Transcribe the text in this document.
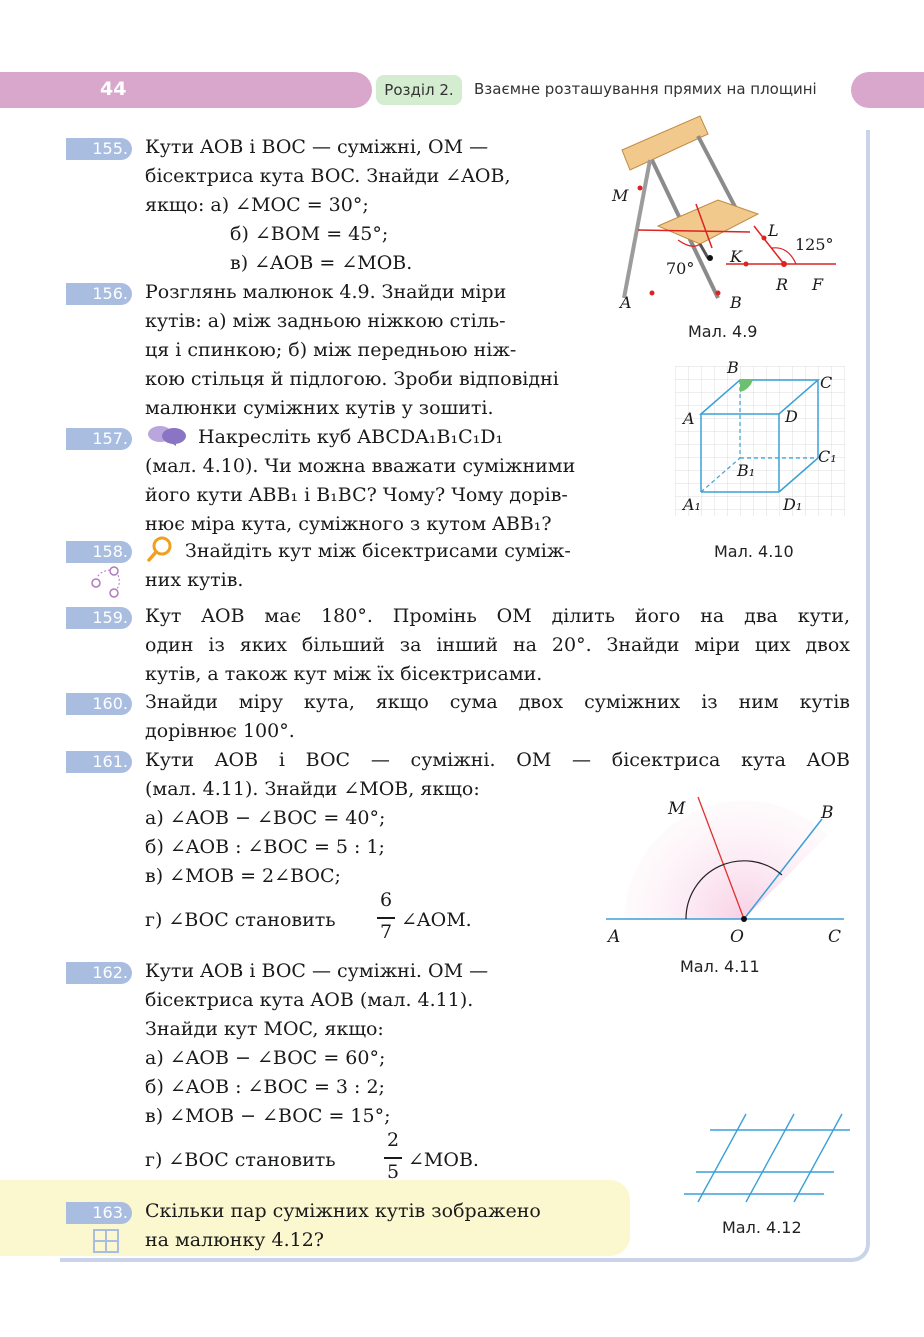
44	Розділ 2.	Взаємне розташування прямих на площині
155. Кути AOB і BOC — суміжні, OM —
бісектриса кута BOC. Знайди ∠AOB,
якщо: а) ∠MOC = 30°;
б) ∠BOM = 45°;
в) ∠AOB = ∠MOB.
156. Розглянь малюнок 4.9. Знайди міри
кутів: а) між задньою ніжкою стіль-
ця і спинкою; б) між передньою ніж-
кою стільця й підлогою. Зроби відповідні
малюнки суміжних кутів у зошиті.
157.	Накресліть куб ABCDA₁B₁C₁D₁
(мал. 4.10). Чи можна вважати суміжними
його кути ABB₁ і B₁BC? Чому? Чому дорів-
нює міра кута, суміжного з кутом ABB₁?
158.	Знайдіть кут між бісектрисами суміж-
них кутів.
159. Кут AOB має 180°. Промінь OM ділить його на два кути,
один із яких більший за інший на 20°. Знайди міри цих двох
кутів, а також кут між їх бісектрисами.
160. Знайди міру кута, якщо сума двох суміжних із ним кутів
дорівнює 100°.
161. Кути AOB і BOC — суміжні. OM — бісектриса кута AOB
(мал. 4.11). Знайди ∠MOB, якщо:
а) ∠AOB − ∠BOC = 40°;
б) ∠AOB : ∠BOC = 5 : 1;
в) ∠MOB = 2∠BOC;
г) ∠BOC становить
6
7
∠AOM.
162. Кути AOB і BOC — суміжні. OM —
бісектриса кута AOB (мал. 4.11).
Знайди кут MOC, якщо:
а) ∠AOB − ∠BOC = 60°;
б) ∠AOB : ∠BOC = 3 : 2;
в) ∠MOB − ∠BOC = 15°;
г) ∠BOC становить
2
5
∠MOB.
163. Скільки пар суміжних кутів зображено
на малюнку 4.12?
M
70°
K
L
125°
R F
A	B
Мал. 4.9
B
C
A	D
C₁
B₁
A₁	D₁
Мал. 4.10
M	B
A	O	C
Мал. 4.11
Мал. 4.12
